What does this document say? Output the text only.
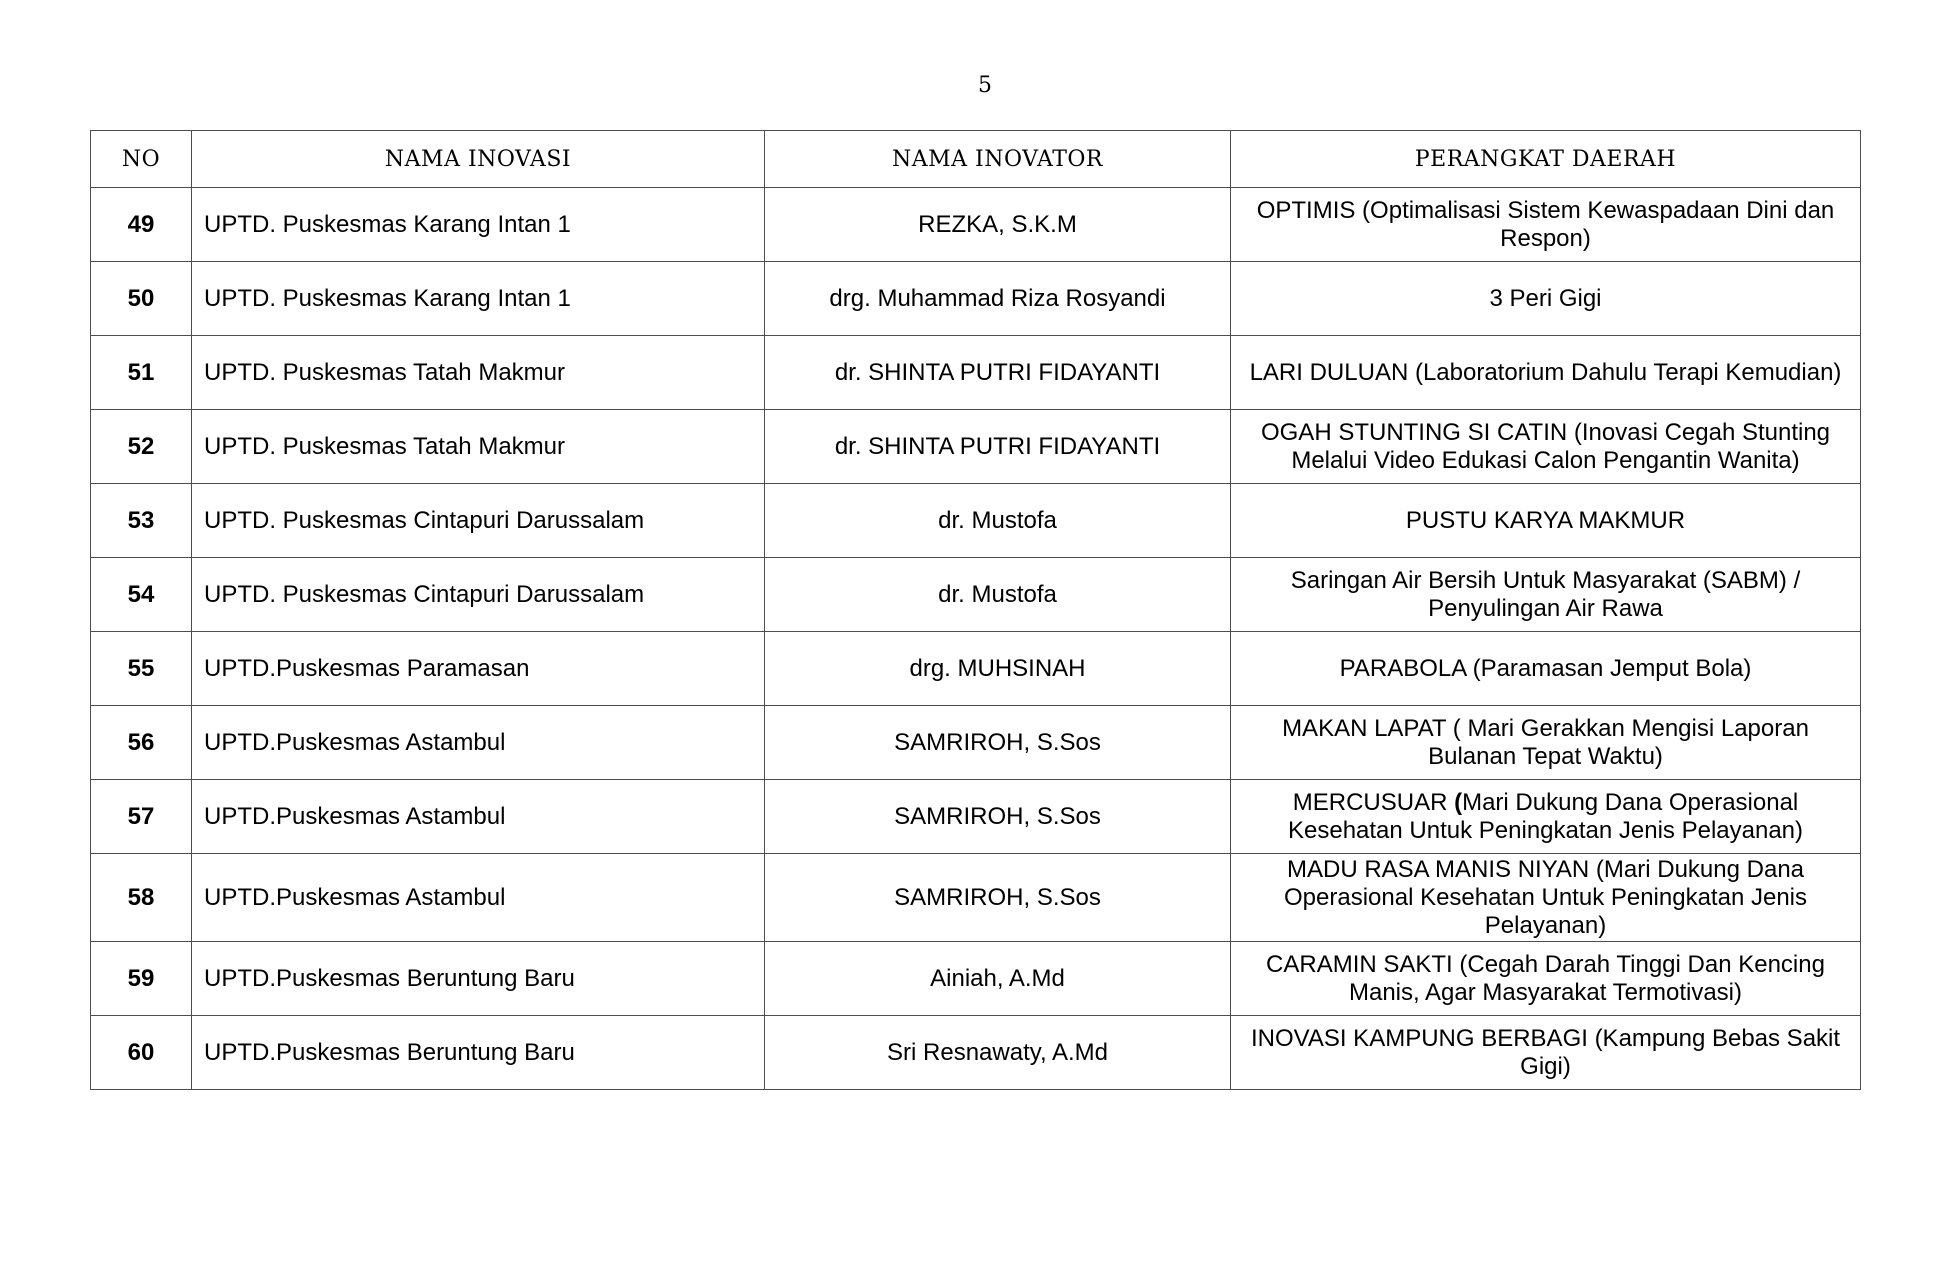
5
NO	NAMA INOVASI	NAMA INOVATOR	PERANGKAT DAERAH
49	UPTD. Puskesmas Karang Intan 1	REZKA, S.K.M	OPTIMIS (Optimalisasi Sistem Kewaspadaan Dini dan Respon)
50	UPTD. Puskesmas Karang Intan 1	drg. Muhammad Riza Rosyandi	3 Peri Gigi
51	UPTD. Puskesmas Tatah Makmur	dr. SHINTA PUTRI FIDAYANTI	LARI DULUAN (Laboratorium Dahulu Terapi Kemudian)
52	UPTD. Puskesmas Tatah Makmur	dr. SHINTA PUTRI FIDAYANTI	OGAH STUNTING SI CATIN (Inovasi Cegah Stunting Melalui Video Edukasi Calon Pengantin Wanita)
53	UPTD. Puskesmas Cintapuri Darussalam	dr. Mustofa	PUSTU KARYA MAKMUR
54	UPTD. Puskesmas Cintapuri Darussalam	dr. Mustofa	Saringan Air Bersih Untuk Masyarakat (SABM) / Penyulingan Air Rawa
55	UPTD.Puskesmas Paramasan	drg. MUHSINAH	PARABOLA (Paramasan Jemput Bola)
56	UPTD.Puskesmas Astambul	SAMRIROH, S.Sos	MAKAN LAPAT ( Mari Gerakkan Mengisi Laporan Bulanan Tepat Waktu)
57	UPTD.Puskesmas Astambul	SAMRIROH, S.Sos	MERCUSUAR (Mari Dukung Dana Operasional Kesehatan Untuk Peningkatan Jenis Pelayanan)
58	UPTD.Puskesmas Astambul	SAMRIROH, S.Sos	MADU RASA MANIS NIYAN (Mari Dukung Dana Operasional Kesehatan Untuk Peningkatan Jenis Pelayanan)
59	UPTD.Puskesmas Beruntung Baru	Ainiah, A.Md	CARAMIN SAKTI (Cegah Darah Tinggi Dan Kencing Manis, Agar Masyarakat Termotivasi)
60	UPTD.Puskesmas Beruntung Baru	Sri Resnawaty, A.Md	INOVASI KAMPUNG BERBAGI (Kampung Bebas Sakit Gigi)
